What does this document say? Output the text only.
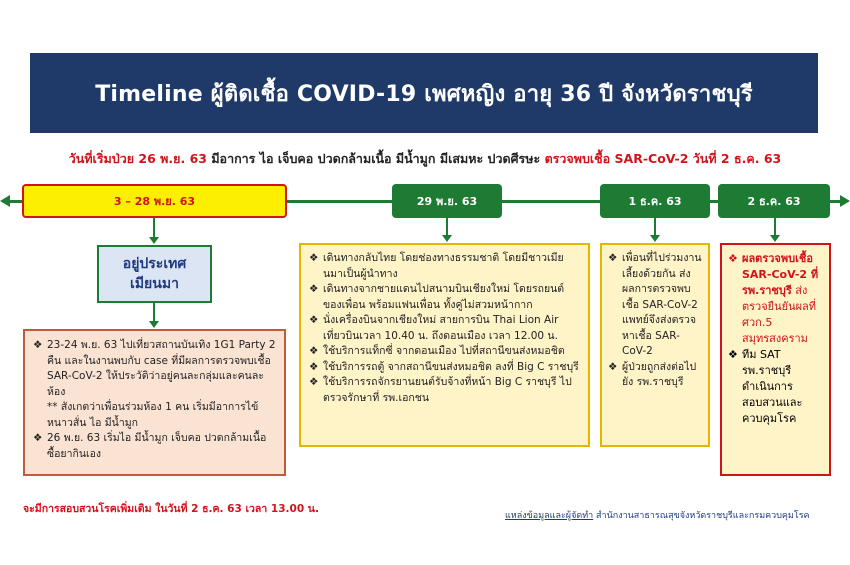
Timeline ผู้ติดเชื้อ COVID-19 เพศหญิง อายุ 36 ปี จังหวัดราชบุรี
วันที่เริ่มป่วย 26 พ.ย. 63 มีอาการ ไอ เจ็บคอ ปวดกล้ามเนื้อ มีน้ำมูก มีเสมหะ ปวดศีรษะ ตรวจพบเชื้อ SAR-CoV-2 วันที่ 2 ธ.ค. 63
3 – 28 พ.ย. 63	29 พ.ย. 63	1 ธ.ค. 63	2 ธ.ค. 63
อยู่ประเทศ
เมียนมา
❖ 23-24 พ.ย. 63 ไปเที่ยวสถานบันเทิง 1G1 Party 2 คืน และในงานพบกับ case ที่มีผลการตรวจพบเชื้อ SAR-CoV-2 ให้ประวัติว่าอยู่คนละกลุ่มและคนละห้อง
** สังเกตว่าเพื่อนร่วมห้อง 1 คน เริ่มมีอาการไข้ หนาวสั่น ไอ มีน้ำมูก
❖ 26 พ.ย. 63 เริ่มไอ มีน้ำมูก เจ็บคอ ปวดกล้ามเนื้อ ซื้อยากินเอง
❖ เดินทางกลับไทย โดยช่องทางธรรมชาติ โดยมีชาวเมียนมาเป็นผู้นำทาง
❖ เดินทางจากชายแดนไปสนามบินเชียงใหม่ โดยรถยนต์ของเพื่อน พร้อมแฟนเพื่อน ทั้งคู่ไม่สวมหน้ากาก
❖ นั่งเครื่องบินจากเชียงใหม่ สายการบิน Thai Lion Air เที่ยวบินเวลา 10.40 น. ถึงดอนเมือง เวลา 12.00 น.
❖ ใช้บริการแท็กซี่ จากดอนเมือง ไปที่สถานีขนส่งหมอชิต
❖ ใช้บริการรถตู้ จากสถานีขนส่งหมอชิต ลงที่ Big C ราชบุรี
❖ ใช้บริการรถจักรยานยนต์รับจ้างที่หน้า Big C ราชบุรี ไปตรวจรักษาที่ รพ.เอกชน
❖ เพื่อนที่ไปร่วมงานเลี้ยงด้วยกัน ส่งผลการตรวจพบเชื้อ SAR-CoV-2 แพทย์จึงส่งตรวจหาเชื้อ SAR-CoV-2
❖ ผู้ป่วยถูกส่งต่อไปยัง รพ.ราชบุรี
❖ ผลตรวจพบเชื้อ SAR-CoV-2 ที่ รพ.ราชบุรี ส่งตรวจยืนยันผลที่ ศวก.5 สมุทรสงคราม
❖ ทีม SAT รพ.ราชบุรี ดำเนินการสอบสวนและควบคุมโรค
จะมีการสอบสวนโรคเพิ่มเติม ในวันที่ 2 ธ.ค. 63 เวลา 13.00 น.
แหล่งข้อมูลและผู้จัดทำ สำนักงานสาธารณสุขจังหวัดราชบุรีและกรมควบคุมโรค
